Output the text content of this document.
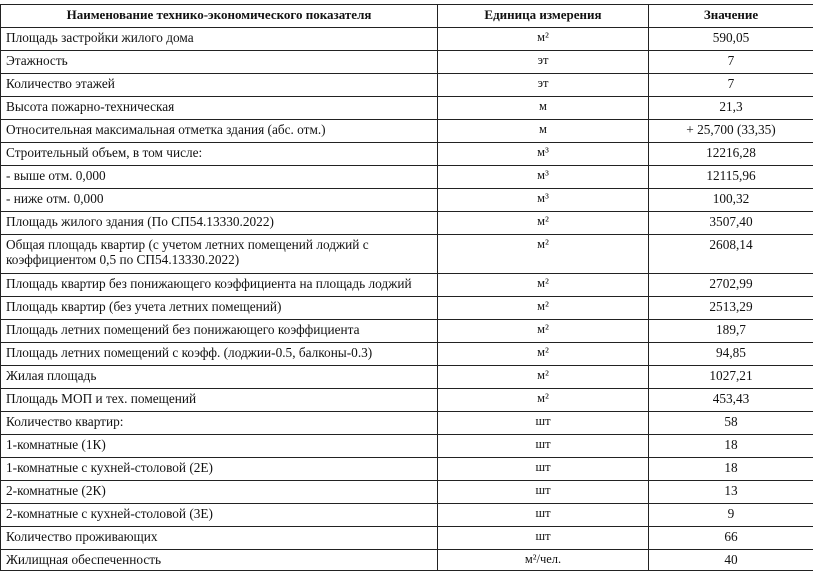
Наименование технико-экономического показателя	Единица измерения	Значение
Площадь застройки жилого дома	м²	590,05
Этажность	эт	7
Количество этажей	эт	7
Высота пожарно-техническая	м	21,3
Относительная максимальная отметка здания (абс. отм.)	м	+ 25,700 (33,35)
Строительный объем, в том числе:	м³	12216,28
- выше отм. 0,000	м³	12115,96
- ниже отм. 0,000	м³	100,32
Площадь жилого здания (По СП54.13330.2022)	м²	3507,40
Общая площадь квартир (с учетом летних помещений лоджий с коэффициентом 0,5 по СП54.13330.2022)	м²	2608,14
Площадь квартир без понижающего коэффициента на площадь лоджий	м²	2702,99
Площадь квартир (без учета летних помещений)	м²	2513,29
Площадь летних помещений без понижающего коэффициента	м²	189,7
Площадь летних помещений с коэфф. (лоджии-0.5, балконы-0.3)	м²	94,85
Жилая площадь	м²	1027,21
Площадь МОП и тех. помещений	м²	453,43
Количество квартир:	шт	58
1-комнатные (1К)	шт	18
1-комнатные с кухней-столовой (2Е)	шт	18
2-комнатные (2К)	шт	13
2-комнатные с кухней-столовой (3Е)	шт	9
Количество проживающих	шт	66
Жилищная обеспеченность	м²/чел.	40
